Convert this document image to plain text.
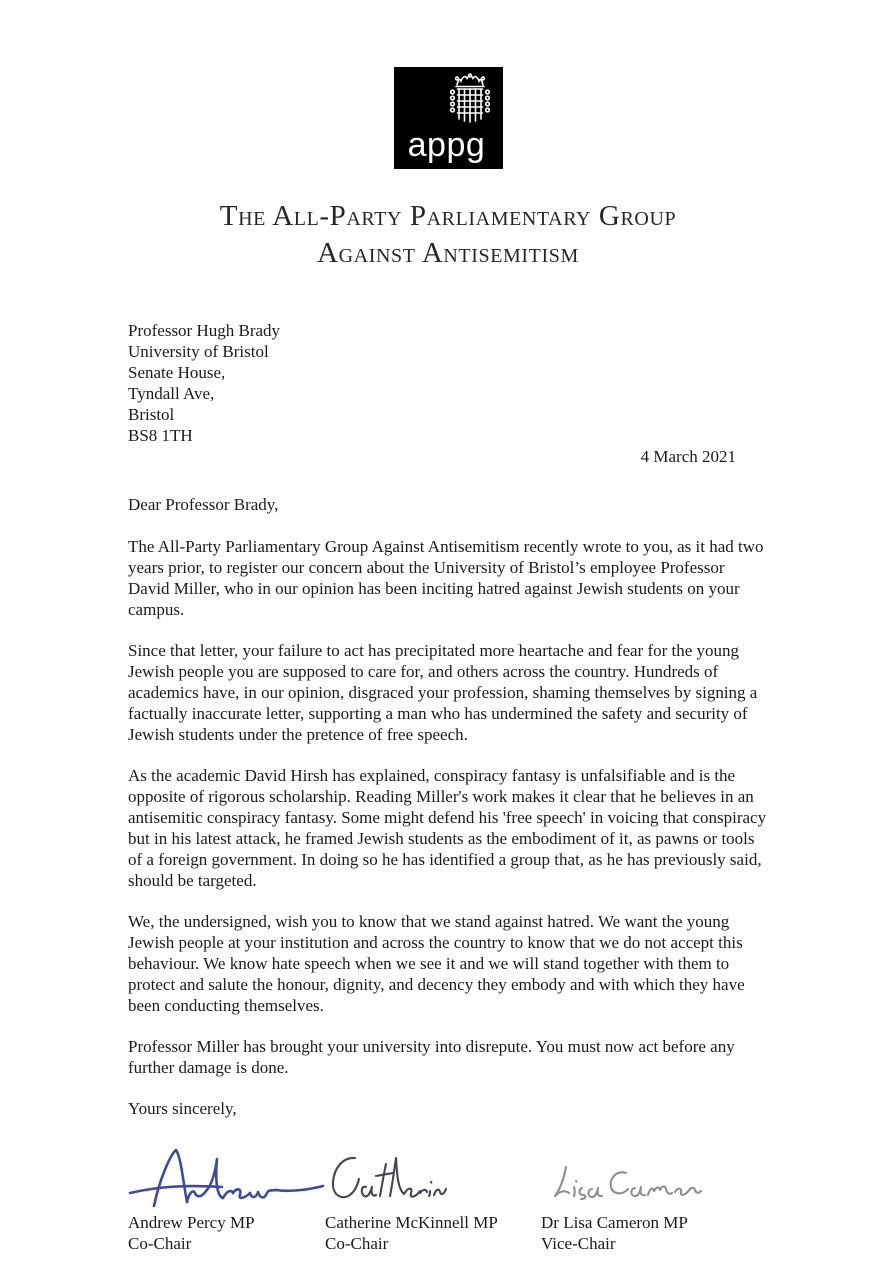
appg
The All-Party Parliamentary Group
Against Antisemitism
Professor Hugh Brady
University of Bristol
Senate House,
Tyndall Ave,
Bristol
BS8 1TH
4 March 2021

Dear Professor Brady,

The All-Party Parliamentary Group Against Antisemitism recently wrote to you, as it had two years prior, to register our concern about the University of Bristol’s employee Professor David Miller, who in our opinion has been inciting hatred against Jewish students on your campus.

Since that letter, your failure to act has precipitated more heartache and fear for the young Jewish people you are supposed to care for, and others across the country. Hundreds of academics have, in our opinion, disgraced your profession, shaming themselves by signing a factually inaccurate letter, supporting a man who has undermined the safety and security of Jewish students under the pretence of free speech.

As the academic David Hirsh has explained, conspiracy fantasy is unfalsifiable and is the opposite of rigorous scholarship. Reading Miller's work makes it clear that he believes in an antisemitic conspiracy fantasy. Some might defend his 'free speech' in voicing that conspiracy but in his latest attack, he framed Jewish students as the embodiment of it, as pawns or tools of a foreign government. In doing so he has identified a group that, as he has previously said, should be targeted.

We, the undersigned, wish you to know that we stand against hatred. We want the young Jewish people at your institution and across the country to know that we do not accept this behaviour. We know hate speech when we see it and we will stand together with them to protect and salute the honour, dignity, and decency they embody and with which they have been conducting themselves.

Professor Miller has brought your university into disrepute. You must now act before any further damage is done.

Yours sincerely,

Andrew Percy MP
Co-Chair
Catherine McKinnell MP
Co-Chair
Dr Lisa Cameron MP
Vice-Chair
